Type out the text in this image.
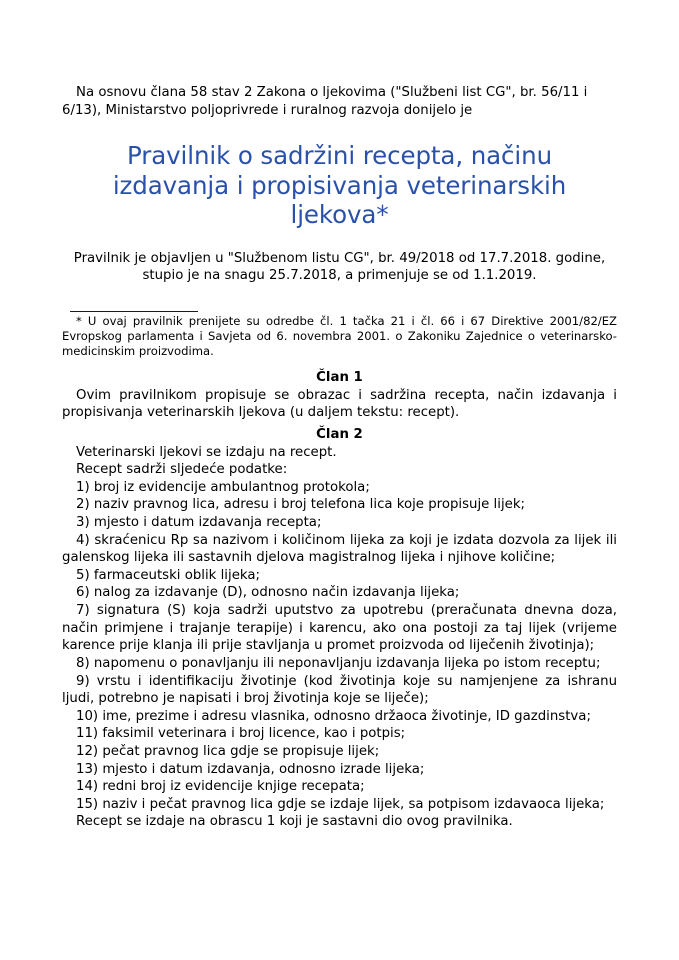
Na osnovu člana 58 stav 2 Zakona o ljekovima ("Službeni list CG", br. 56/11 i 6/13), Ministarstvo poljoprivrede i ruralnog razvoja donijelo je

Pravilnik o sadržini recepta, načinu izdavanja i propisivanja veterinarskih ljekova*

Pravilnik je objavljen u "Službenom listu CG", br. 49/2018 od 17.7.2018. godine, stupio je na snagu 25.7.2018, a primenjuje se od 1.1.2019.

* U ovaj pravilnik prenijete su odredbe čl. 1 tačka 21 i čl. 66 i 67 Direktive 2001/82/EZ Evropskog parlamenta i Savjeta od 6. novembra 2001. o Zakoniku Zajednice o veterinarsko-medicinskim proizvodima.

Član 1

Ovim pravilnikom propisuje se obrazac i sadržina recepta, način izdavanja i propisivanja veterinarskih ljekova (u daljem tekstu: recept).

Član 2

Veterinarski ljekovi se izdaju na recept.

Recept sadrži sljedeće podatke:

1) broj iz evidencije ambulantnog protokola;

2) naziv pravnog lica, adresu i broj telefona lica koje propisuje lijek;

3) mjesto i datum izdavanja recepta;

4) skraćenicu Rp sa nazivom i količinom lijeka za koji je izdata dozvola za lijek ili galenskog lijeka ili sastavnih djelova magistralnog lijeka i njihove količine;

5) farmaceutski oblik lijeka;

6) nalog za izdavanje (D), odnosno način izdavanja lijeka;

7) signatura (S) koja sadrži uputstvo za upotrebu (preračunata dnevna doza, način primjene i trajanje terapije) i karencu, ako ona postoji za taj lijek (vrijeme karence prije klanja ili prije stavljanja u promet proizvoda od liječenih životinja);

8) napomenu o ponavljanju ili neponavljanju izdavanja lijeka po istom receptu;

9) vrstu i identifikaciju životinje (kod životinja koje su namjenjene za ishranu ljudi, potrebno je napisati i broj životinja koje se liječe);

10) ime, prezime i adresu vlasnika, odnosno držaoca životinje, ID gazdinstva;

11) faksimil veterinara i broj licence, kao i potpis;

12) pečat pravnog lica gdje se propisuje lijek;

13) mjesto i datum izdavanja, odnosno izrade lijeka;

14) redni broj iz evidencije knjige recepata;

15) naziv i pečat pravnog lica gdje se izdaje lijek, sa potpisom izdavaoca lijeka;

Recept se izdaje na obrascu 1 koji je sastavni dio ovog pravilnika.
